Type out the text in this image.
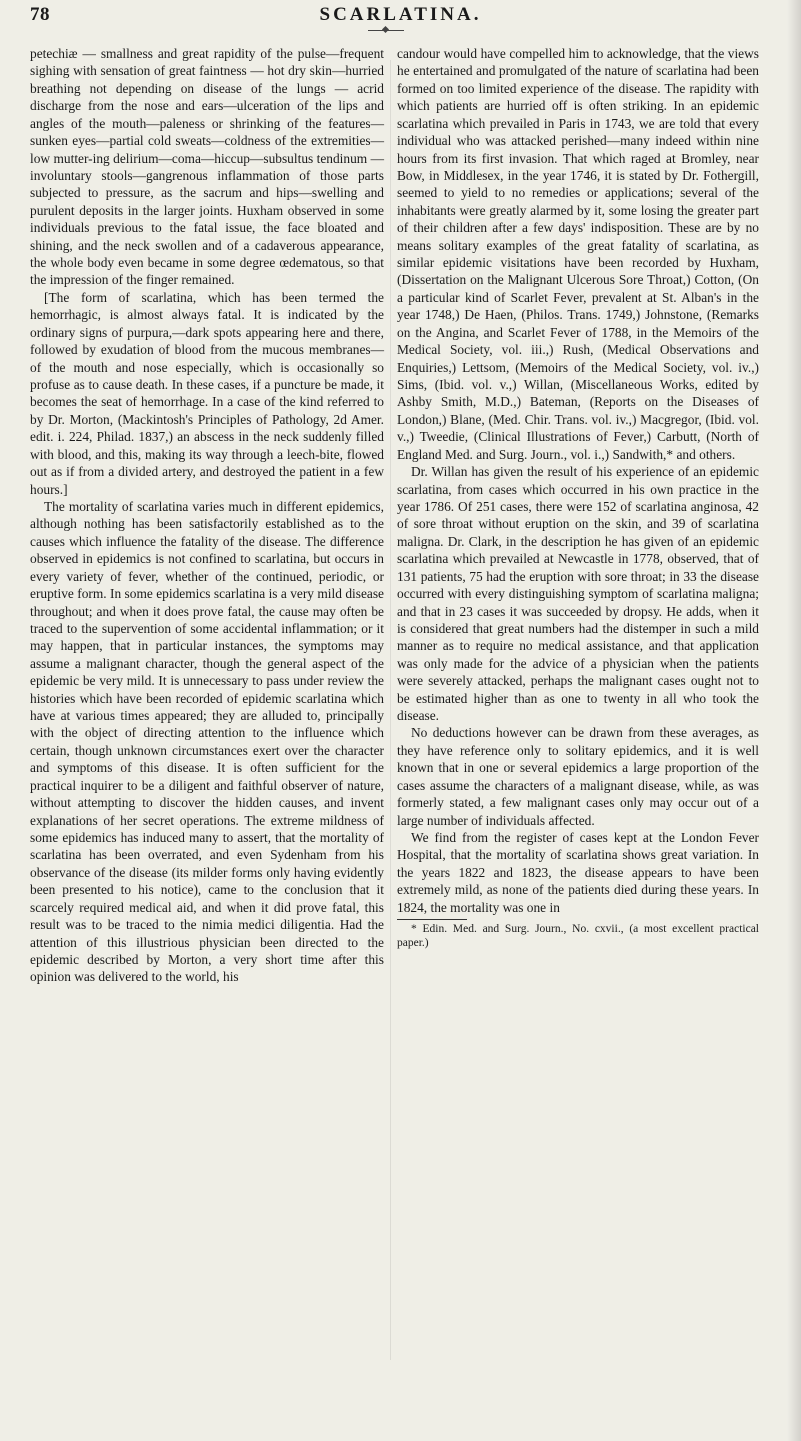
78	SCARLATINA.

petechiæ — smallness and great rapidity of the pulse—frequent sighing with sensation of great faintness — hot dry skin—hurried breathing not depending on disease of the lungs — acrid discharge from the nose and ears—ulceration of the lips and angles of the mouth—paleness or shrinking of the features—sunken eyes—partial cold sweats—coldness of the extremities—low mutter-ing delirium—coma—hiccup—subsultus tendinum —involuntary stools—gangrenous inflammation of those parts subjected to pressure, as the sacrum and hips—swelling and purulent deposits in the larger joints. Huxham observed in some individuals previous to the fatal issue, the face bloated and shining, and the neck swollen and of a cadaverous appearance, the whole body even became in some degree œdematous, so that the impression of the finger remained.

[The form of scarlatina, which has been termed the hemorrhagic, is almost always fatal. It is indicated by the ordinary signs of purpura,—dark spots appearing here and there, followed by exudation of blood from the mucous membranes— of the mouth and nose especially, which is occasionally so profuse as to cause death. In these cases, if a puncture be made, it becomes the seat of hemorrhage. In a case of the kind referred to by Dr. Morton, (Mackintosh's Principles of Pathology, 2d Amer. edit. i. 224, Philad. 1837,) an abscess in the neck suddenly filled with blood, and this, making its way through a leech-bite, flowed out as if from a divided artery, and destroyed the patient in a few hours.]

The mortality of scarlatina varies much in different epidemics, although nothing has been satisfactorily established as to the causes which influence the fatality of the disease. The difference observed in epidemics is not confined to scarlatina, but occurs in every variety of fever, whether of the continued, periodic, or eruptive form. In some epidemics scarlatina is a very mild disease throughout; and when it does prove fatal, the cause may often be traced to the supervention of some accidental inflammation; or it may happen, that in particular instances, the symptoms may assume a malignant character, though the general aspect of the epidemic be very mild. It is unnecessary to pass under review the histories which have been recorded of epidemic scarlatina which have at various times appeared; they are alluded to, principally with the object of directing attention to the influence which certain, though unknown circumstances exert over the character and symptoms of this disease. It is often sufficient for the practical inquirer to be a diligent and faithful observer of nature, without attempting to discover the hidden causes, and invent explanations of her secret operations. The extreme mildness of some epidemics has induced many to assert, that the mortality of scarlatina has been overrated, and even Sydenham from his observance of the disease (its milder forms only having evidently been presented to his notice), came to the conclusion that it scarcely required medical aid, and when it did prove fatal, this result was to be traced to the nimia medici diligentia. Had the attention of this illustrious physician been directed to the epidemic described by Morton, a very short time after this opinion was delivered to the world, his

candour would have compelled him to acknowledge, that the views he entertained and promulgated of the nature of scarlatina had been formed on too limited experience of the disease. The rapidity with which patients are hurried off is often striking. In an epidemic scarlatina which prevailed in Paris in 1743, we are told that every individual who was attacked perished—many indeed within nine hours from its first invasion. That which raged at Bromley, near Bow, in Middlesex, in the year 1746, it is stated by Dr. Fothergill, seemed to yield to no remedies or applications; several of the inhabitants were greatly alarmed by it, some losing the greater part of their children after a few days' indisposition. These are by no means solitary examples of the great fatality of scarlatina, as similar epidemic visitations have been recorded by Huxham, (Dissertation on the Malignant Ulcerous Sore Throat,) Cotton, (On a particular kind of Scarlet Fever, prevalent at St. Alban's in the year 1748,) De Haen, (Philos. Trans. 1749,) Johnstone, (Remarks on the Angina, and Scarlet Fever of 1788, in the Memoirs of the Medical Society, vol. iii.,) Rush, (Medical Observations and Enquiries,) Lettsom, (Memoirs of the Medical Society, vol. iv.,) Sims, (Ibid. vol. v.,) Willan, (Miscellaneous Works, edited by Ashby Smith, M.D.,) Bateman, (Reports on the Diseases of London,) Blane, (Med. Chir. Trans. vol. iv.,) Macgregor, (Ibid. vol. v.,) Tweedie, (Clinical Illustrations of Fever,) Carbutt, (North of England Med. and Surg. Journ., vol. i.,) Sandwith,* and others.

Dr. Willan has given the result of his experience of an epidemic scarlatina, from cases which occurred in his own practice in the year 1786. Of 251 cases, there were 152 of scarlatina anginosa, 42 of sore throat without eruption on the skin, and 39 of scarlatina maligna. Dr. Clark, in the description he has given of an epidemic scarlatina which prevailed at Newcastle in 1778, observed, that of 131 patients, 75 had the eruption with sore throat; in 33 the disease occurred with every distinguishing symptom of scarlatina maligna; and that in 23 cases it was succeeded by dropsy. He adds, when it is considered that great numbers had the distemper in such a mild manner as to require no medical assistance, and that application was only made for the advice of a physician when the patients were severely attacked, perhaps the malignant cases ought not to be estimated higher than as one to twenty in all who took the disease.

No deductions however can be drawn from these averages, as they have reference only to solitary epidemics, and it is well known that in one or several epidemics a large proportion of the cases assume the characters of a malignant disease, while, as was formerly stated, a few malignant cases only may occur out of a large number of individuals affected.

We find from the register of cases kept at the London Fever Hospital, that the mortality of scarlatina shows great variation. In the years 1822 and 1823, the disease appears to have been extremely mild, as none of the patients died during these years. In 1824, the mortality was one in

* Edin. Med. and Surg. Journ., No. cxvii., (a most excellent practical paper.)
